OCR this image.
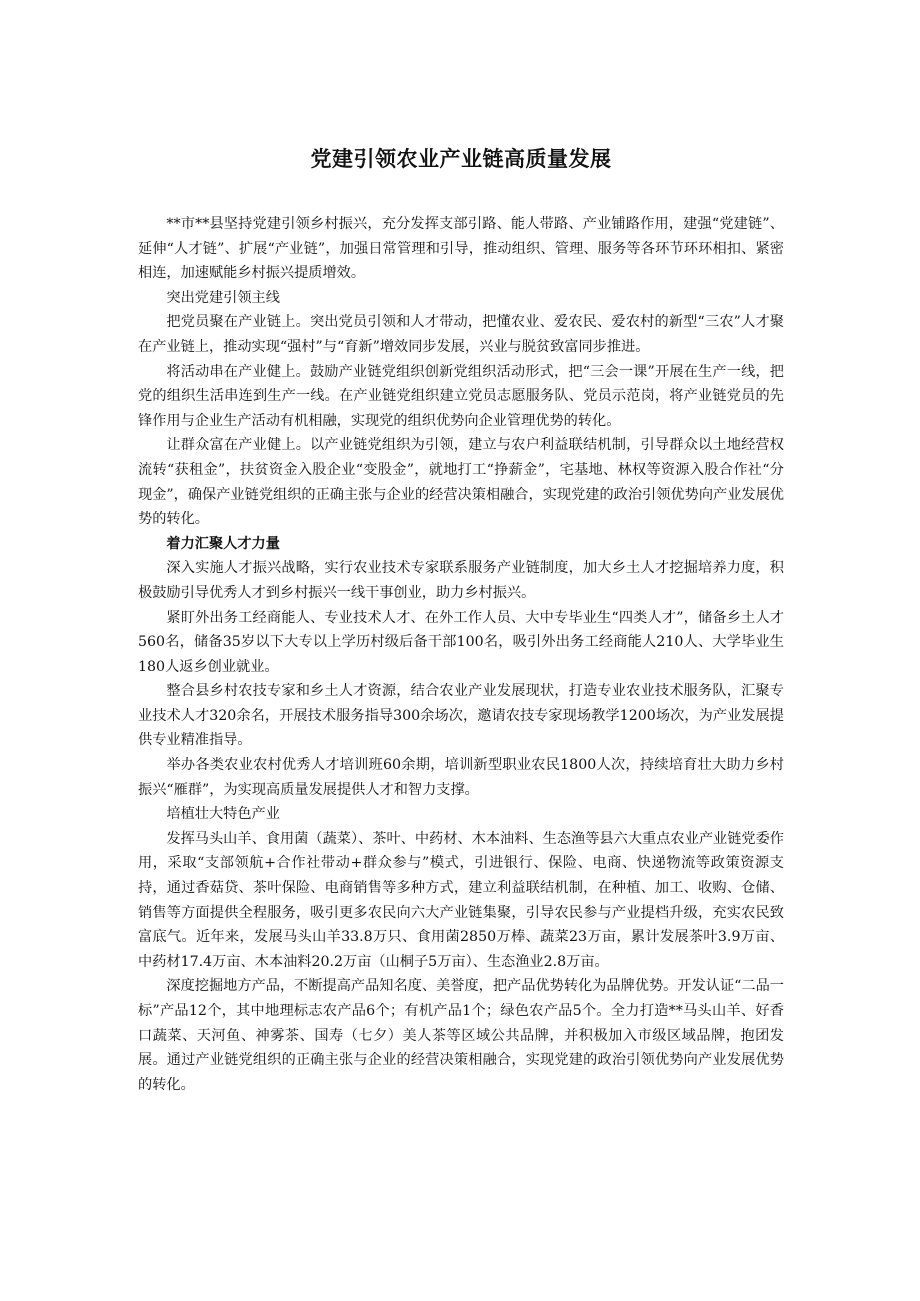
党建引领农业产业链高质量发展

**市**县坚持党建引领乡村振兴，充分发挥支部引路、能人带路、产业铺路作用，建强“党建链”、延伸“人才链”、扩展“产业链”，加强日常管理和引导，推动组织、管理、服务等各环节环环相扣、紧密相连，加速赋能乡村振兴提质增效。

突出党建引领主线

把党员聚在产业链上。突出党员引领和人才带动，把懂农业、爱农民、爱农村的新型“三农”人才聚在产业链上，推动实现“强村”与“育新”增效同步发展，兴业与脱贫致富同步推进。

将活动串在产业健上。鼓励产业链党组织创新党组织活动形式，把“三会一课”开展在生产一线，把党的组织生活串连到生产一线。在产业链党组织建立党员志愿服务队、党员示范岗，将产业链党员的先锋作用与企业生产活动有机相融，实现党的组织优势向企业管理优势的转化。

让群众富在产业健上。以产业链党组织为引领，建立与农户利益联结机制，引导群众以土地经营权流转“获租金”，扶贫资金入股企业“变股金”，就地打工“挣薪金”，宅基地、林权等资源入股合作社“分现金”，确保产业链党组织的正确主张与企业的经营决策相融合，实现党建的政治引领优势向产业发展优势的转化。

着力汇聚人才力量

深入实施人才振兴战略，实行农业技术专家联系服务产业链制度，加大乡土人才挖掘培养力度，积极鼓励引导优秀人才到乡村振兴一线干事创业，助力乡村振兴。

紧盯外出务工经商能人、专业技术人才、在外工作人员、大中专毕业生“四类人才”，储备乡土人才560名，储备35岁以下大专以上学历村级后备干部100名，吸引外出务工经商能人210人、大学毕业生180人返乡创业就业。

整合县乡村农技专家和乡土人才资源，结合农业产业发展现状，打造专业农业技术服务队，汇聚专业技术人才320余名，开展技术服务指导300余场次，邀请农技专家现场教学1200场次，为产业发展提供专业精准指导。

举办各类农业农村优秀人才培训班60余期，培训新型职业农民1800人次，持续培育壮大助力乡村振兴“雁群”，为实现高质量发展提供人才和智力支撑。

培植壮大特色产业

发挥马头山羊、食用菌（蔬菜）、茶叶、中药材、木本油料、生态渔等县六大重点农业产业链党委作用，采取“支部领航+合作社带动+群众参与”模式，引进银行、保险、电商、快递物流等政策资源支持，通过香菇贷、茶叶保险、电商销售等多种方式，建立利益联结机制，在种植、加工、收购、仓储、销售等方面提供全程服务，吸引更多农民向六大产业链集聚，引导农民参与产业提档升级，充实农民致富底气。近年来，发展马头山羊33.8万只、食用菌2850万棒、蔬菜23万亩，累计发展茶叶3.9万亩、中药材17.4万亩、木本油料20.2万亩（山桐子5万亩）、生态渔业2.8万亩。

深度挖掘地方产品，不断提高产品知名度、美誉度，把产品优势转化为品牌优势。开发认证“二品一标”产品12个，其中地理标志农产品6个；有机产品1个；绿色农产品5个。全力打造**马头山羊、好香口蔬菜、天河鱼、神雾茶、国寿（七夕）美人茶等区域公共品牌，并积极加入市级区域品牌，抱团发展。通过产业链党组织的正确主张与企业的经营决策相融合，实现党建的政治引领优势向产业发展优势的转化。
